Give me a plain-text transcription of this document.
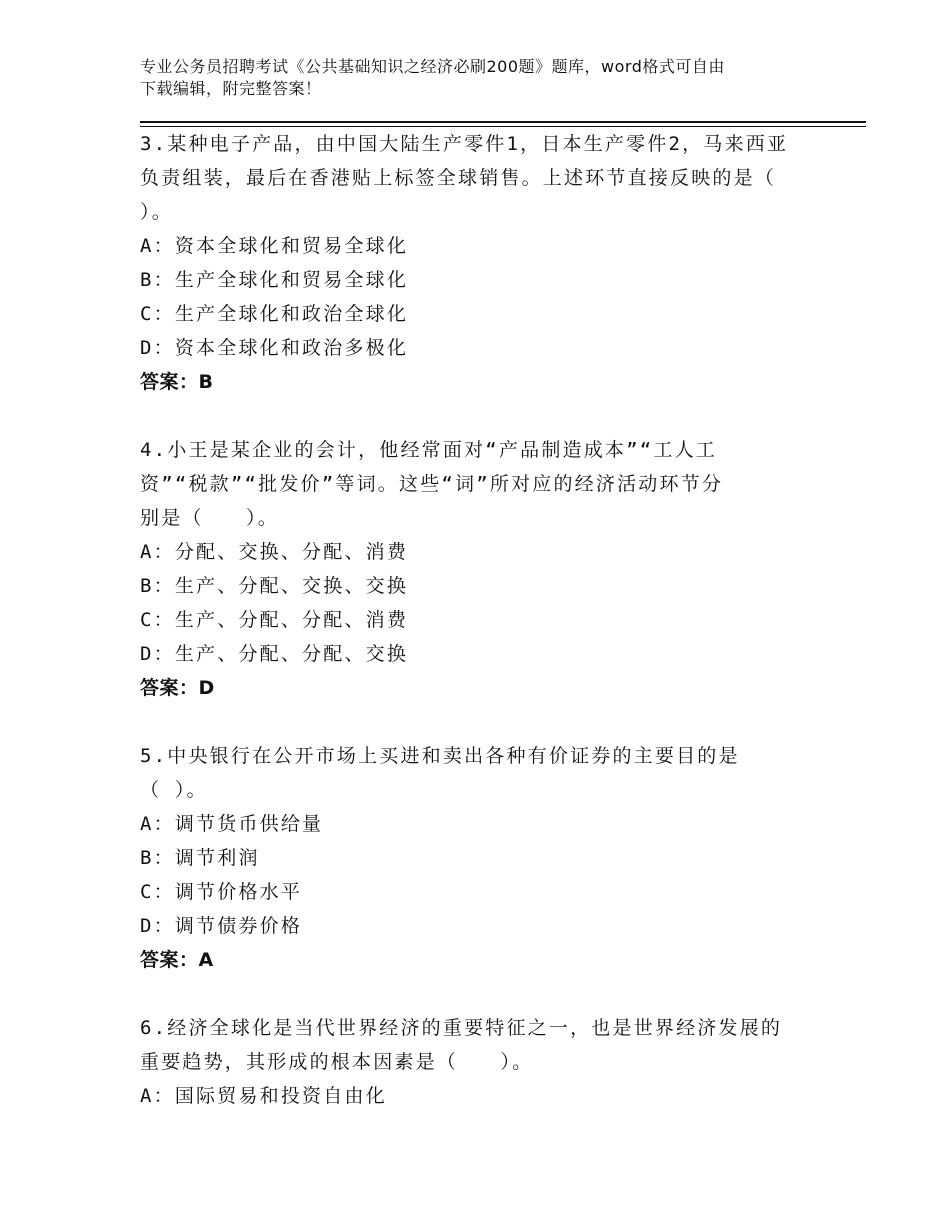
专业公务员招聘考试《公共基础知识之经济必刷200题》题库，word格式可自由
下载编辑，附完整答案！
3.某种电子产品，由中国大陆生产零件1，日本生产零件2，马来西亚
负责组装，最后在香港贴上标签全球销售。上述环节直接反映的是（
）。
A：资本全球化和贸易全球化
B：生产全球化和贸易全球化
C：生产全球化和政治全球化
D：资本全球化和政治多极化
答案：B
4.小王是某企业的会计，他经常面对“产品制造成本”“工人工
资”“税款”“批发价”等词。这些“词”所对应的经济活动环节分
别是（　　）。
A：分配、交换、分配、消费
B：生产、分配、交换、交换
C：生产、分配、分配、消费
D：生产、分配、分配、交换
答案：D
5.中央银行在公开市场上买进和卖出各种有价证券的主要目的是
（ ）。
A：调节货币供给量
B：调节利润
C：调节价格水平
D：调节债券价格
答案：A
6.经济全球化是当代世界经济的重要特征之一，也是世界经济发展的
重要趋势，其形成的根本因素是（　　）。
A：国际贸易和投资自由化
